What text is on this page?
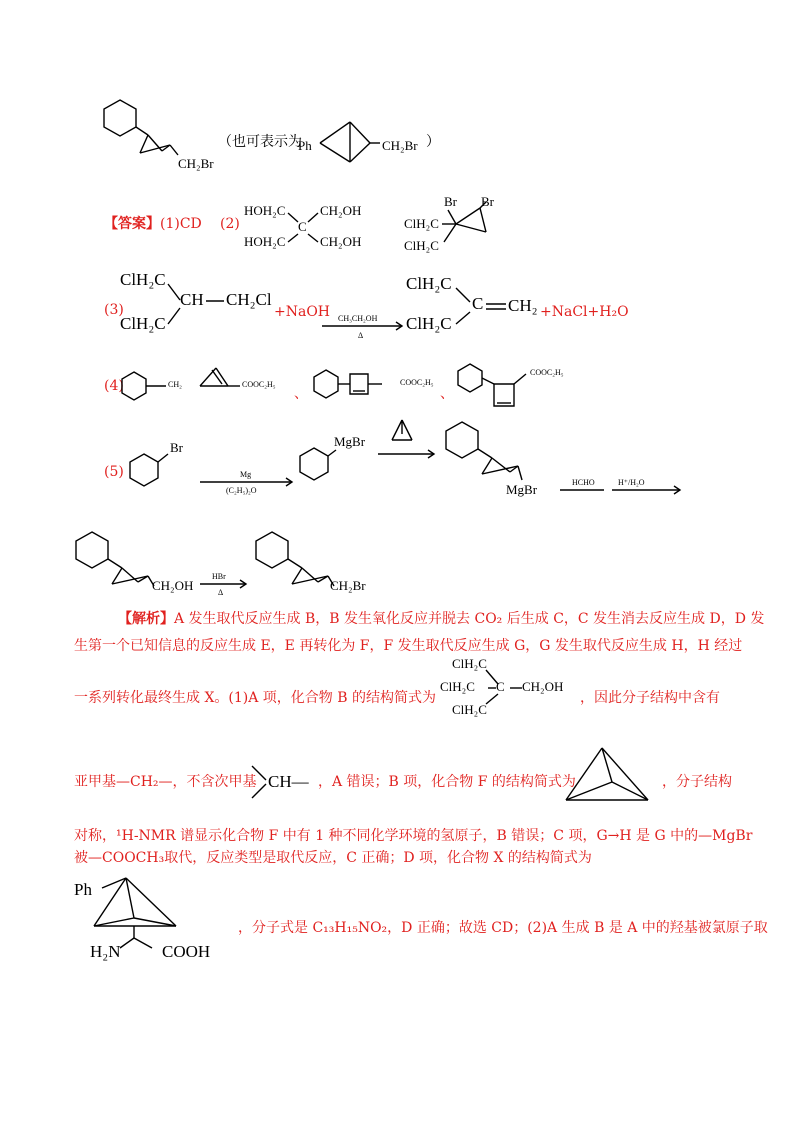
CH₂Br
（也可表示为
Ph	CH₂Br ）
【答案】(1)CD (2)
HOH₂C	CH₂OH
C
HOH₂C	CH₂OH
Br Br
ClH₂C
ClH₂C
(3)
ClH₂C
CH CH₂Cl
ClH₂C
+NaOH CH₃CH₂OH
Δ
ClH₂C
C CH₂
ClH₂C
+NaCl+H₂O
(4)	CH₂	COOC₂H₅
、
COOC₂H₅
、
COOC₂H₅
(5)
Br
Mg
(C₂H₅)₂O
MgBr
MgBr	HCHO	H⁺/H₂O
CH₂OH
HBr
Δ	CH₂Br
【解析】A 发生取代反应生成 B，B 发生氧化反应并脱去 CO₂ 后生成 C，C 发生消去反应生成 D，D 发
生第一个已知信息的反应生成 E，E 再转化为 F，F 发生取代反应生成 G，G 发生取代反应生成 H，H 经过
一系列转化最终生成 X。(1)A 项，化合物 B 的结构简式为
ClH₂C
ClH₂C C CH₂OH
ClH₂C
，因此分子结构中含有
亚甲基—CH₂—，不含次甲基 CH— ，A 错误；B 项，化合物 F 的结构简式为	，分子结构
对称，¹H-NMR 谱显示化合物 F 中有 1 种不同化学环境的氢原子，B 错误；C 项，G→H 是 G 中的—MgBr
被—COOCH₃取代，反应类型是取代反应，C 正确；D 项，化合物 X 的结构简式为
Ph
H₂N COOH
，分子式是 C₁₃H₁₅NO₂，D 正确；故选 CD；(2)A 生成 B 是 A 中的羟基被氯原子取
